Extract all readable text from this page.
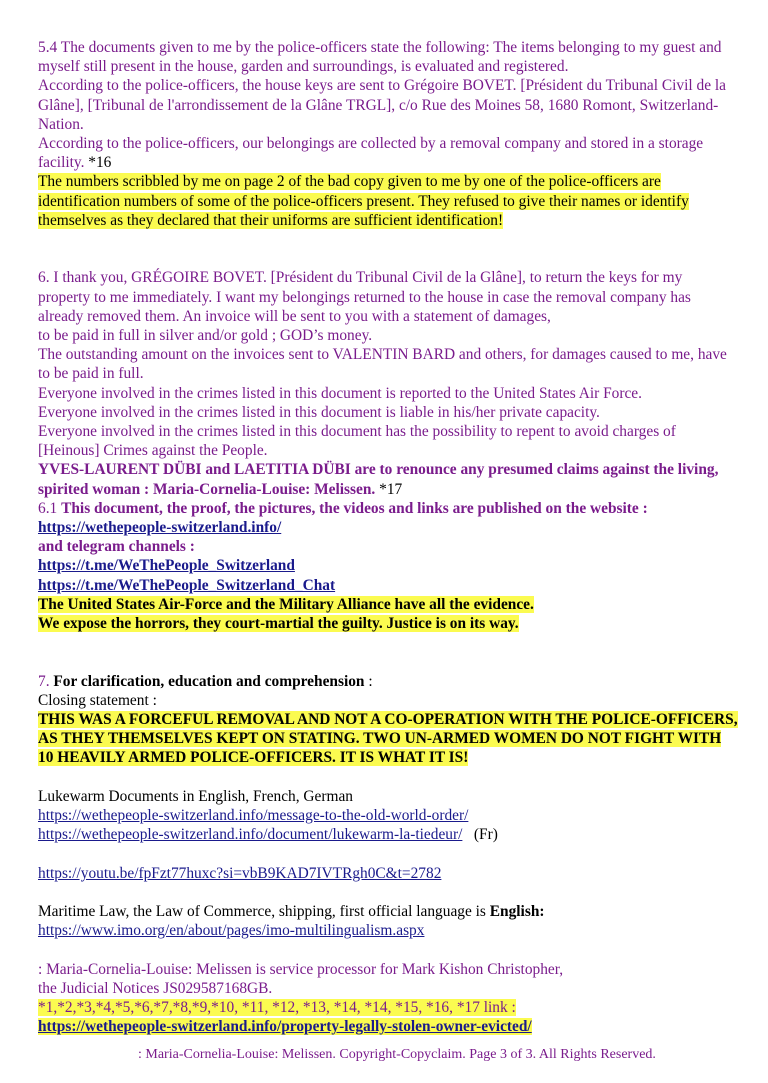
5.4 The documents given to me by the police-officers state the following: The items belonging to my guest and myself still present in the house, garden and surroundings, is evaluated and registered.
According to the police-officers, the house keys are sent to Grégoire BOVET. [Président du Tribunal Civil de la Glâne], [Tribunal de l'arrondissement de la Glâne TRGL], c/o Rue des Moines 58, 1680 Romont, Switzerland-Nation.
According to the police-officers, our belongings are collected by a removal company and stored in a storage facility. *16
The numbers scribbled by me on page 2 of the bad copy given to me by one of the police-officers are identification numbers of some of the police-officers present. They refused to give their names or identify themselves as they declared that their uniforms are sufficient identification!
6. I thank you, GRÉGOIRE BOVET. [Président du Tribunal Civil de la Glâne], to return the keys for my property to me immediately. I want my belongings returned to the house in case the removal company has already removed them. An invoice will be sent to you with a statement of damages,
to be paid in full in silver and/or gold ; GOD’s money.
The outstanding amount on the invoices sent to VALENTIN BARD and others, for damages caused to me, have to be paid in full.
Everyone involved in the crimes listed in this document is reported to the United States Air Force.
Everyone involved in the crimes listed in this document is liable in his/her private capacity.
Everyone involved in the crimes listed in this document has the possibility to repent to avoid charges of [Heinous] Crimes against the People.
YVES-LAURENT DÜBI and LAETITIA DÜBI are to renounce any presumed claims against the living, spirited woman : Maria-Cornelia-Louise: Melissen. *17
6.1 This document, the proof, the pictures, the videos and links are published on the website :
https://wethepeople-switzerland.info/
and telegram channels :
https://t.me/WeThePeople_Switzerland
https://t.me/WeThePeople_Switzerland_Chat
The United States Air-Force and the Military Alliance have all the evidence.
We expose the horrors, they court-martial the guilty. Justice is on its way.
7. For clarification, education and comprehension :
Closing statement :
THIS WAS A FORCEFUL REMOVAL AND NOT A CO-OPERATION WITH THE POLICE-OFFICERS, AS THEY THEMSELVES KEPT ON STATING. TWO UN-ARMED WOMEN DO NOT FIGHT WITH 10 HEAVILY ARMED POLICE-OFFICERS. IT IS WHAT IT IS!
Lukewarm Documents in English, French, German
https://wethepeople-switzerland.info/message-to-the-old-world-order/
https://wethepeople-switzerland.info/document/lukewarm-la-tiedeur/   (Fr)
https://youtu.be/fpFzt77huxc?si=vbB9KAD7IVTRgh0C&t=2782
Maritime Law, the Law of Commerce, shipping, first official language is English:
https://www.imo.org/en/about/pages/imo-multilingualism.aspx
: Maria-Cornelia-Louise: Melissen is service processor for Mark Kishon Christopher,
the Judicial Notices JS029587168GB.
*1,*2,*3,*4,*5,*6,*7,*8,*9,*10, *11, *12, *13, *14, *14, *15, *16, *17 link :
https://wethepeople-switzerland.info/property-legally-stolen-owner-evicted/
: Maria-Cornelia-Louise: Melissen. Copyright-Copyclaim. Page 3 of 3. All Rights Reserved.
